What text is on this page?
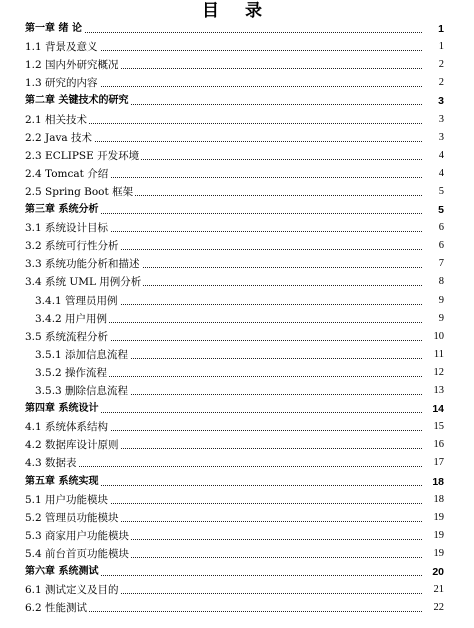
目 录
第一章 绪 论	1
1.1 背景及意义	1
1.2 国内外研究概况	2
1.3 研究的内容	2
第二章 关键技术的研究	3
2.1 相关技术	3
2.2 Java 技术	3
2.3 ECLIPSE 开发环境	4
2.4 Tomcat 介绍	4
2.5 Spring Boot 框架	5
第三章 系统分析	5
3.1 系统设计目标	6
3.2 系统可行性分析	6
3.3 系统功能分析和描述	7
3.4 系统 UML 用例分析	8
3.4.1 管理员用例	9
3.4.2 用户用例	9
3.5 系统流程分析	10
3.5.1 添加信息流程	11
3.5.2 操作流程	12
3.5.3 删除信息流程	13
第四章 系统设计	14
4.1 系统体系结构	15
4.2 数据库设计原则	16
4.3 数据表	17
第五章 系统实现	18
5.1 用户功能模块	18
5.2 管理员功能模块	19
5.3 商家用户功能模块	19
5.4 前台首页功能模块	19
第六章 系统测试	20
6.1 测试定义及目的	21
6.2 性能测试	22
